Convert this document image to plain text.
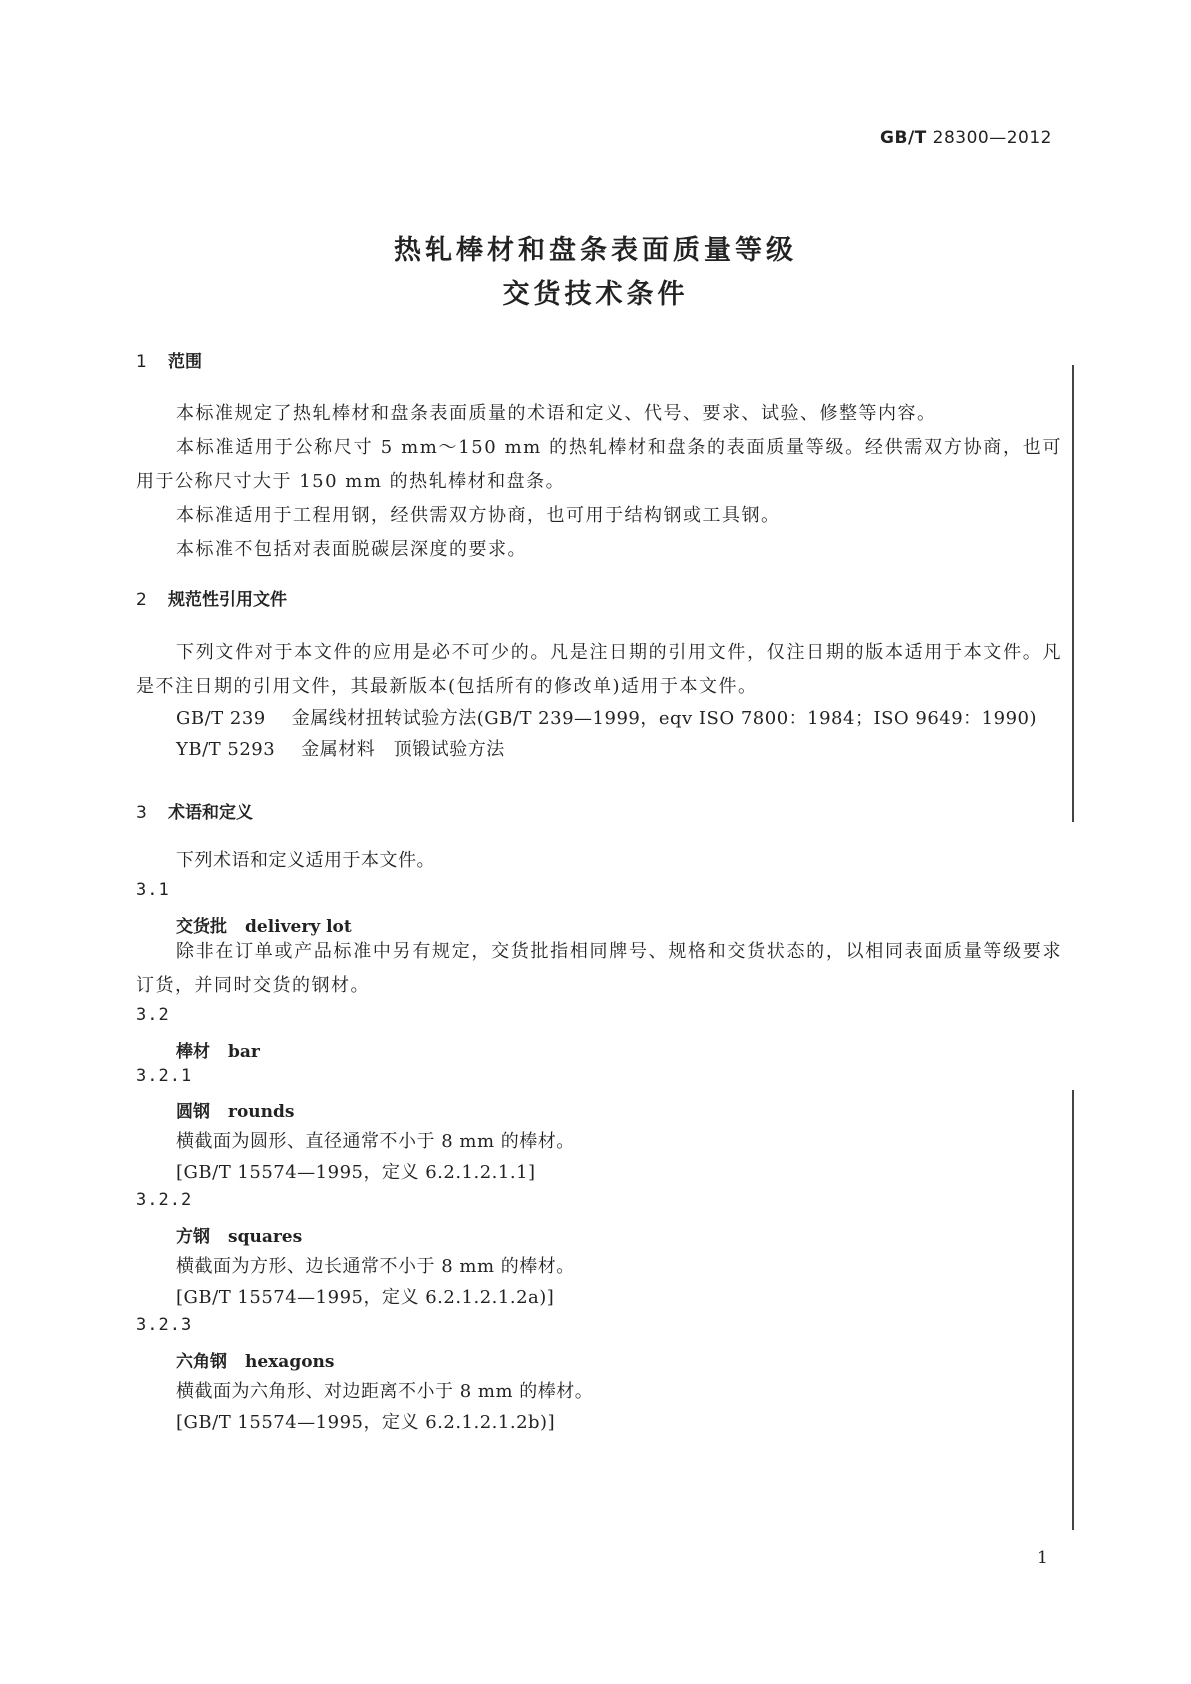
GB/T 28300—2012
热轧棒材和盘条表面质量等级
交货技术条件
1 范围

本标准规定了热轧棒材和盘条表面质量的术语和定义、代号、要求、试验、修整等内容。

本标准适用于公称尺寸 5 mm～150 mm 的热轧棒材和盘条的表面质量等级。经供需双方协商，也可用于公称尺寸大于 150 mm 的热轧棒材和盘条。

本标准适用于工程用钢，经供需双方协商，也可用于结构钢或工具钢。

本标准不包括对表面脱碳层深度的要求。

2 规范性引用文件

下列文件对于本文件的应用是必不可少的。凡是注日期的引用文件，仅注日期的版本适用于本文件。凡是不注日期的引用文件，其最新版本(包括所有的修改单)适用于本文件。

GB/T 239 金属线材扭转试验方法(GB/T 239—1999，eqv ISO 7800：1984；ISO 9649：1990)
YB/T 5293 金属材料　顶锻试验方法
3 术语和定义
下列术语和定义适用于本文件。
3.1
交货批 delivery lot

除非在订单或产品标准中另有规定，交货批指相同牌号、规格和交货状态的，以相同表面质量等级要求订货，并同时交货的钢材。

3.2
棒材 bar
3.2.1
圆钢 rounds
横截面为圆形、直径通常不小于 8 mm 的棒材。
[GB/T 15574—1995，定义 6.2.1.2.1.1]
3.2.2
方钢 squares
横截面为方形、边长通常不小于 8 mm 的棒材。
[GB/T 15574—1995，定义 6.2.1.2.1.2a)]
3.2.3
六角钢 hexagons
横截面为六角形、对边距离不小于 8 mm 的棒材。
[GB/T 15574—1995，定义 6.2.1.2.1.2b)]
1
